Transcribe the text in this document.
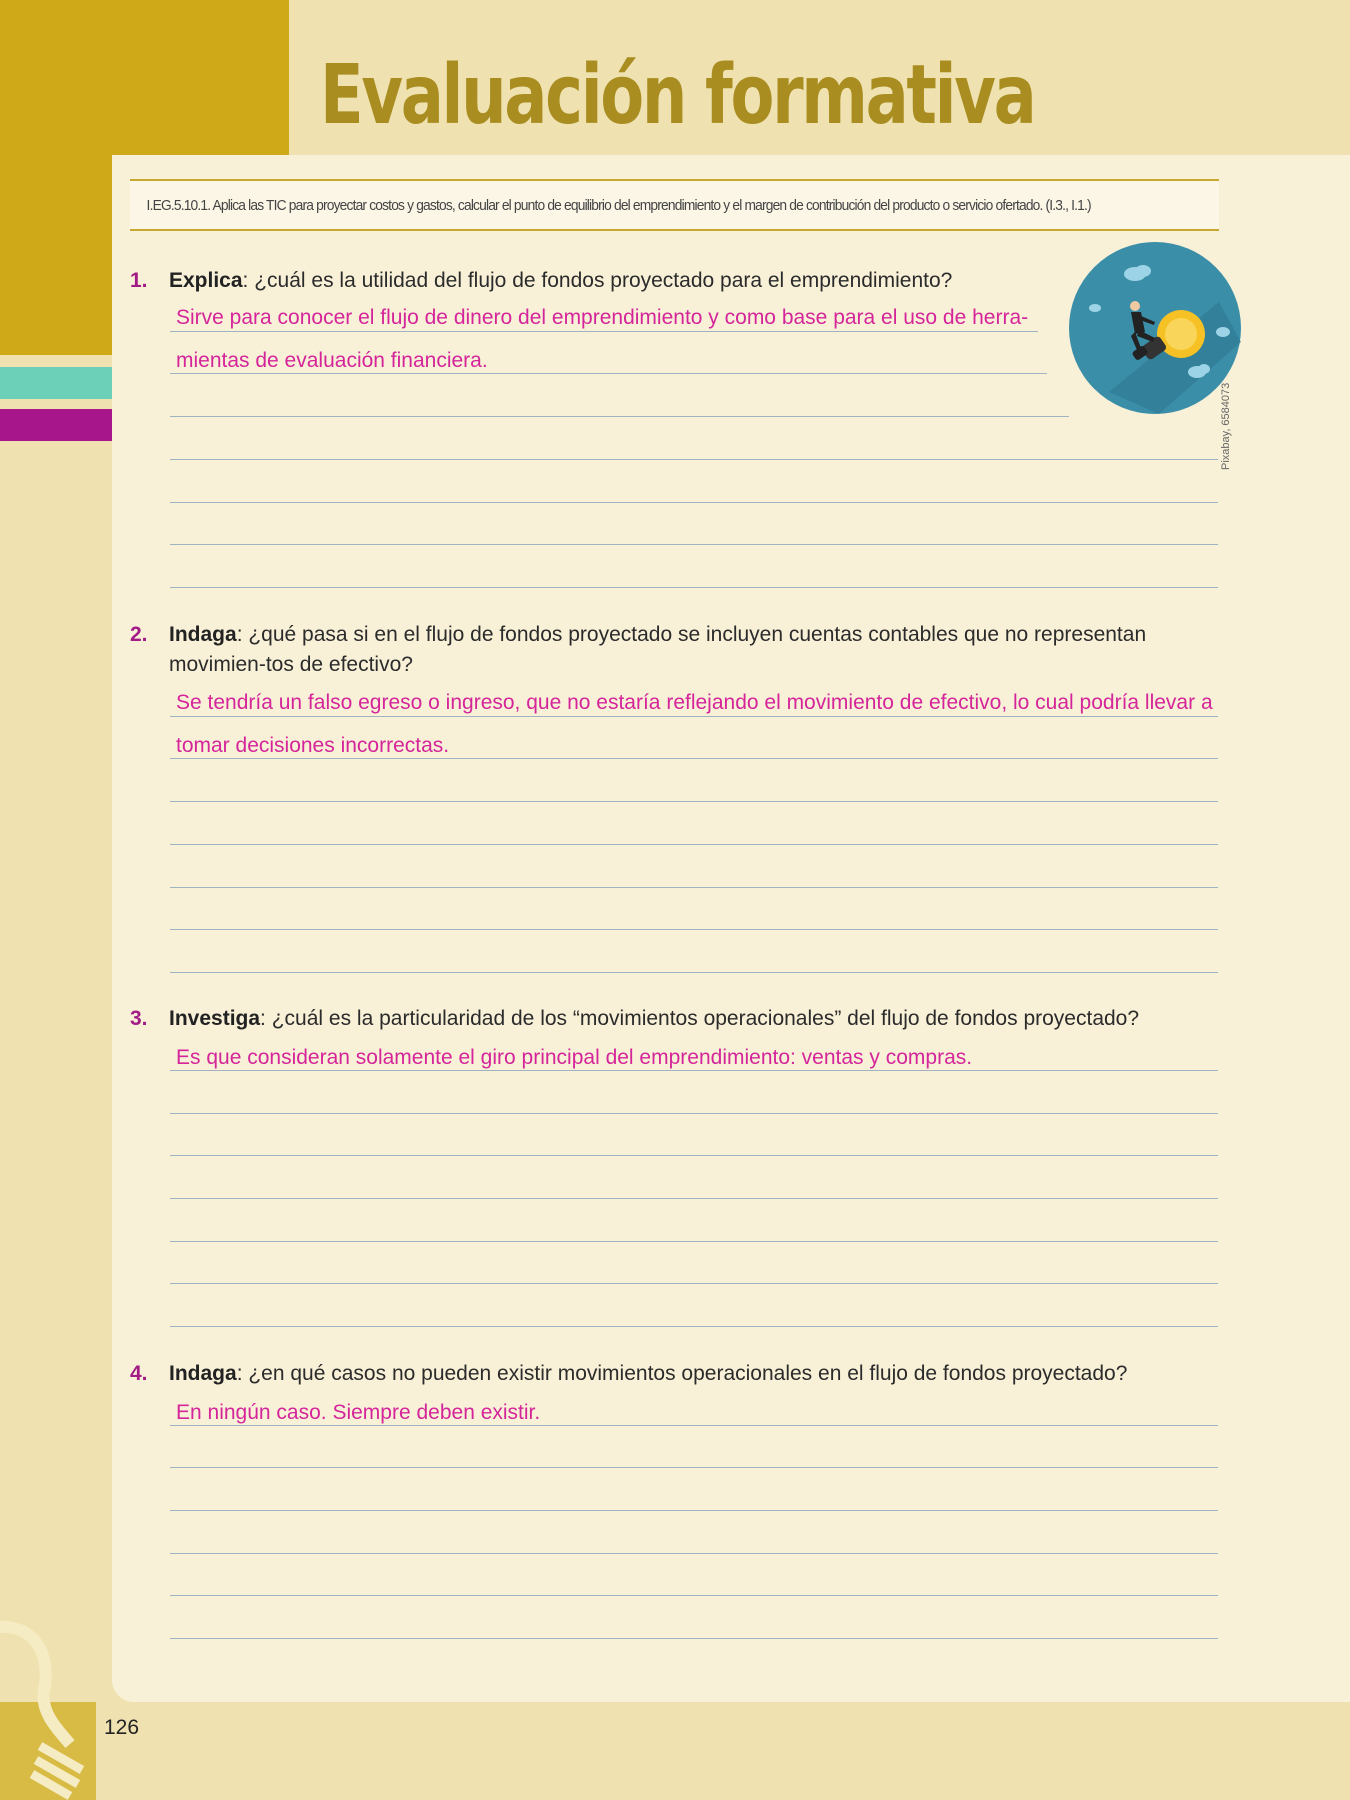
Evaluación formativa
I.EG.5.10.1. Aplica las TIC para proyectar costos y gastos, calcular el punto de equilibrio del emprendimiento y el margen de contribución del producto o servicio ofertado. (I.3., I.1.)
Pixabay, 6584073
1. Explica: ¿cuál es la utilidad del flujo de fondos proyectado para el emprendimiento?
Sirve para conocer el flujo de dinero del emprendimiento y como base para el uso de herra-
mientas de evaluación financiera.
2. Indaga: ¿qué pasa si en el flujo de fondos proyectado se incluyen cuentas contables que no representan movimien-tos de efectivo?
Se tendría un falso egreso o ingreso, que no estaría reflejando el movimiento de efectivo, lo cual podría llevar a
tomar decisiones incorrectas.
3. Investiga: ¿cuál es la particularidad de los “movimientos operacionales” del flujo de fondos proyectado?
Es que consideran solamente el giro principal del emprendimiento: ventas y compras.
4. Indaga: ¿en qué casos no pueden existir movimientos operacionales en el flujo de fondos proyectado?
En ningún caso. Siempre deben existir.
126
